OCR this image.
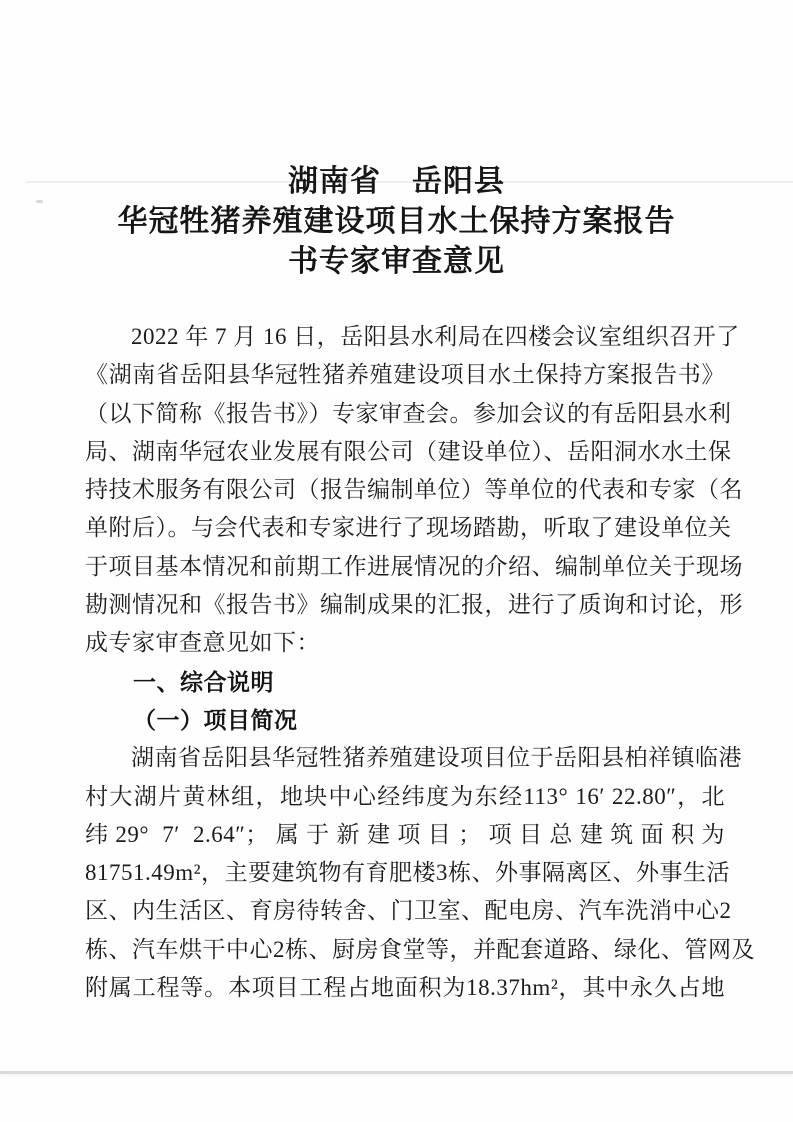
湖南省　岳阳县
华冠牲猪养殖建设项目水土保持方案报告
书专家审查意见
2022 年 7 月 16 日，岳阳县水利局在四楼会议室组织召开了
《湖南省岳阳县华冠牲猪养殖建设项目水土保持方案报告书》
（以下简称《报告书》）专家审查会。参加会议的有岳阳县水利
局、湖南华冠农业发展有限公司（建设单位）、岳阳洞水水土保
持技术服务有限公司（报告编制单位）等单位的代表和专家（名
单附后）。与会代表和专家进行了现场踏勘，听取了建设单位关
于项目基本情况和前期工作进展情况的介绍、编制单位关于现场
勘测情况和《报告书》编制成果的汇报，进行了质询和讨论，形
成专家审查意见如下：
一、综合说明
（一）项目简况
湖南省岳阳县华冠牲猪养殖建设项目位于岳阳县柏祥镇临港
村大湖片黄林组，地块中心经纬度为东经113° 16′ 22.80″，北
纬29° 7′ 2.64″；属于新建项目；项目总建筑面积为
81751.49m²，主要建筑物有育肥楼3栋、外事隔离区、外事生活
区、内生活区、育房待转舍、门卫室、配电房、汽车洗消中心2
栋、汽车烘干中心2栋、厨房食堂等，并配套道路、绿化、管网及
附属工程等。本项目工程占地面积为18.37hm²，其中永久占地
